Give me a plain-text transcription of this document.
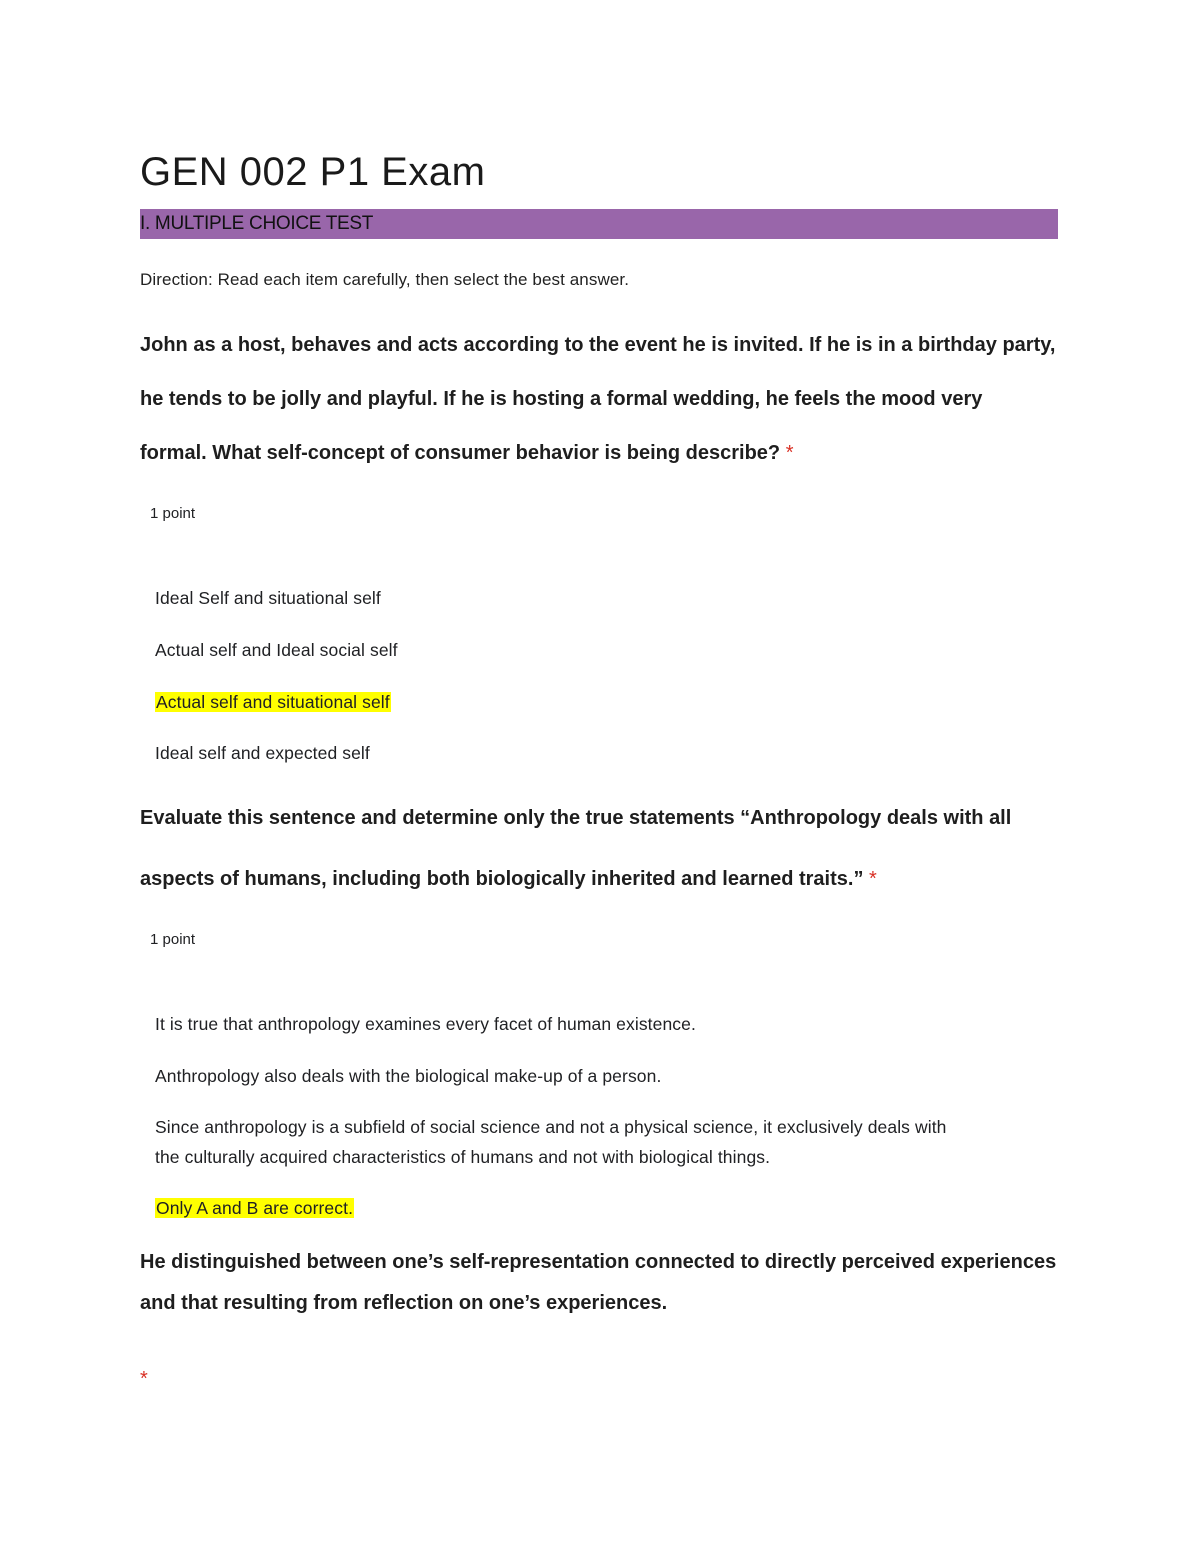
GEN 002 P1 Exam
I. MULTIPLE CHOICE TEST
Direction: Read each item carefully, then select the best answer.
John as a host, behaves and acts according to the event he is invited. If he is in a birthday party,
he tends to be jolly and playful. If he is hosting a formal wedding, he feels the mood very
formal. What self-concept of consumer behavior is being describe? *
1 point
Ideal Self and situational self
Actual self and Ideal social self
Actual self and situational self
Ideal self and expected self
Evaluate this sentence and determine only the true statements “Anthropology deals with all
aspects of humans, including both biologically inherited and learned traits.” *
1 point
It is true that anthropology examines every facet of human existence.
Anthropology also deals with the biological make-up of a person.
Since anthropology is a subfield of social science and not a physical science, it exclusively deals with
the culturally acquired characteristics of humans and not with biological things.
Only A and B are correct.
He distinguished between one’s self-representation connected to directly perceived experiences
and that resulting from reflection on one’s experiences.
*
